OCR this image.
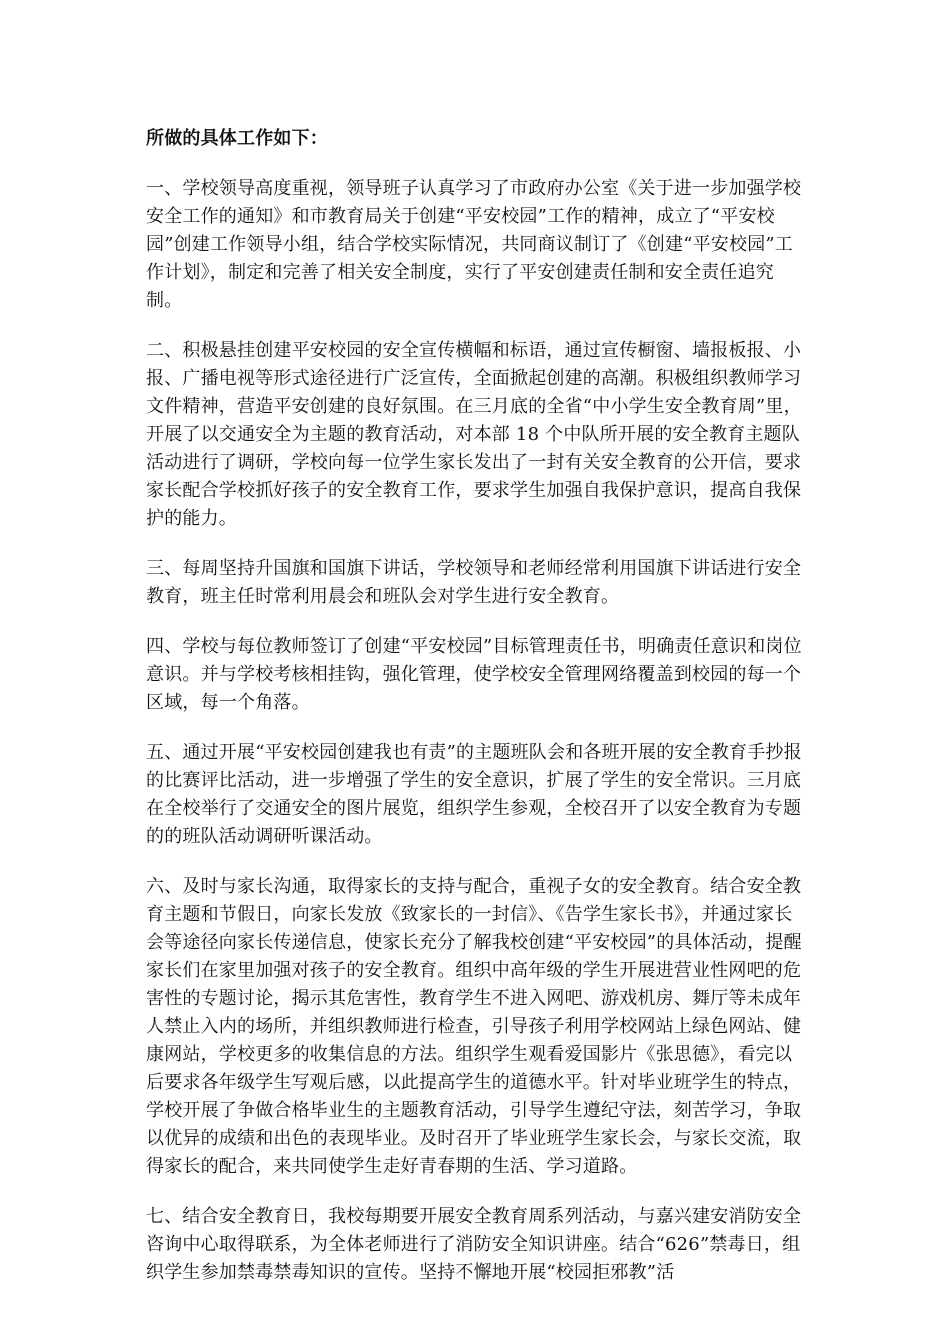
所做的具体工作如下：
一、学校领导高度重视，领导班子认真学习了市政府办公室《关于进一步加强学校安全工作的通知》和市教育局关于创建“平安校园”工作的精神，成立了“平安校园”创建工作领导小组，结合学校实际情况，共同商议制订了《创建“平安校园”工作计划》，制定和完善了相关安全制度，实行了平安创建责任制和安全责任追究制。
二、积极悬挂创建平安校园的安全宣传横幅和标语，通过宣传橱窗、墙报板报、小报、广播电视等形式途径进行广泛宣传，全面掀起创建的高潮。积极组织教师学习文件精神，营造平安创建的良好氛围。在三月底的全省“中小学生安全教育周”里，开展了以交通安全为主题的教育活动，对本部 18 个中队所开展的安全教育主题队活动进行了调研，学校向每一位学生家长发出了一封有关安全教育的公开信，要求家长配合学校抓好孩子的安全教育工作，要求学生加强自我保护意识，提高自我保护的能力。
三、每周坚持升国旗和国旗下讲话，学校领导和老师经常利用国旗下讲话进行安全教育，班主任时常利用晨会和班队会对学生进行安全教育。
四、学校与每位教师签订了创建“平安校园”目标管理责任书，明确责任意识和岗位意识。并与学校考核相挂钩，强化管理，使学校安全管理网络覆盖到校园的每一个区域，每一个角落。
五、通过开展“平安校园创建我也有责”的主题班队会和各班开展的安全教育手抄报的比赛评比活动，进一步增强了学生的安全意识，扩展了学生的安全常识。三月底在全校举行了交通安全的图片展览，组织学生参观，全校召开了以安全教育为专题的的班队活动调研听课活动。
六、及时与家长沟通，取得家长的支持与配合，重视子女的安全教育。结合安全教育主题和节假日，向家长发放《致家长的一封信》、《告学生家长书》，并通过家长会等途径向家长传递信息，使家长充分了解我校创建“平安校园”的具体活动，提醒家长们在家里加强对孩子的安全教育。组织中高年级的学生开展进营业性网吧的危害性的专题讨论，揭示其危害性，教育学生不进入网吧、游戏机房、舞厅等未成年人禁止入内的场所，并组织教师进行检查，引导孩子利用学校网站上绿色网站、健康网站，学校更多的收集信息的方法。组织学生观看爱国影片《张思德》，看完以后要求各年级学生写观后感，以此提高学生的道德水平。针对毕业班学生的特点，学校开展了争做合格毕业生的主题教育活动，引导学生遵纪守法，刻苦学习，争取以优异的成绩和出色的表现毕业。及时召开了毕业班学生家长会，与家长交流，取得家长的配合，来共同使学生走好青春期的生活、学习道路。
七、结合安全教育日，我校每期要开展安全教育周系列活动，与嘉兴建安消防安全咨询中心取得联系，为全体老师进行了消防安全知识讲座。结合“626”禁毒日，组织学生参加禁毒禁毒知识的宣传。坚持不懈地开展“校园拒邪教”活
